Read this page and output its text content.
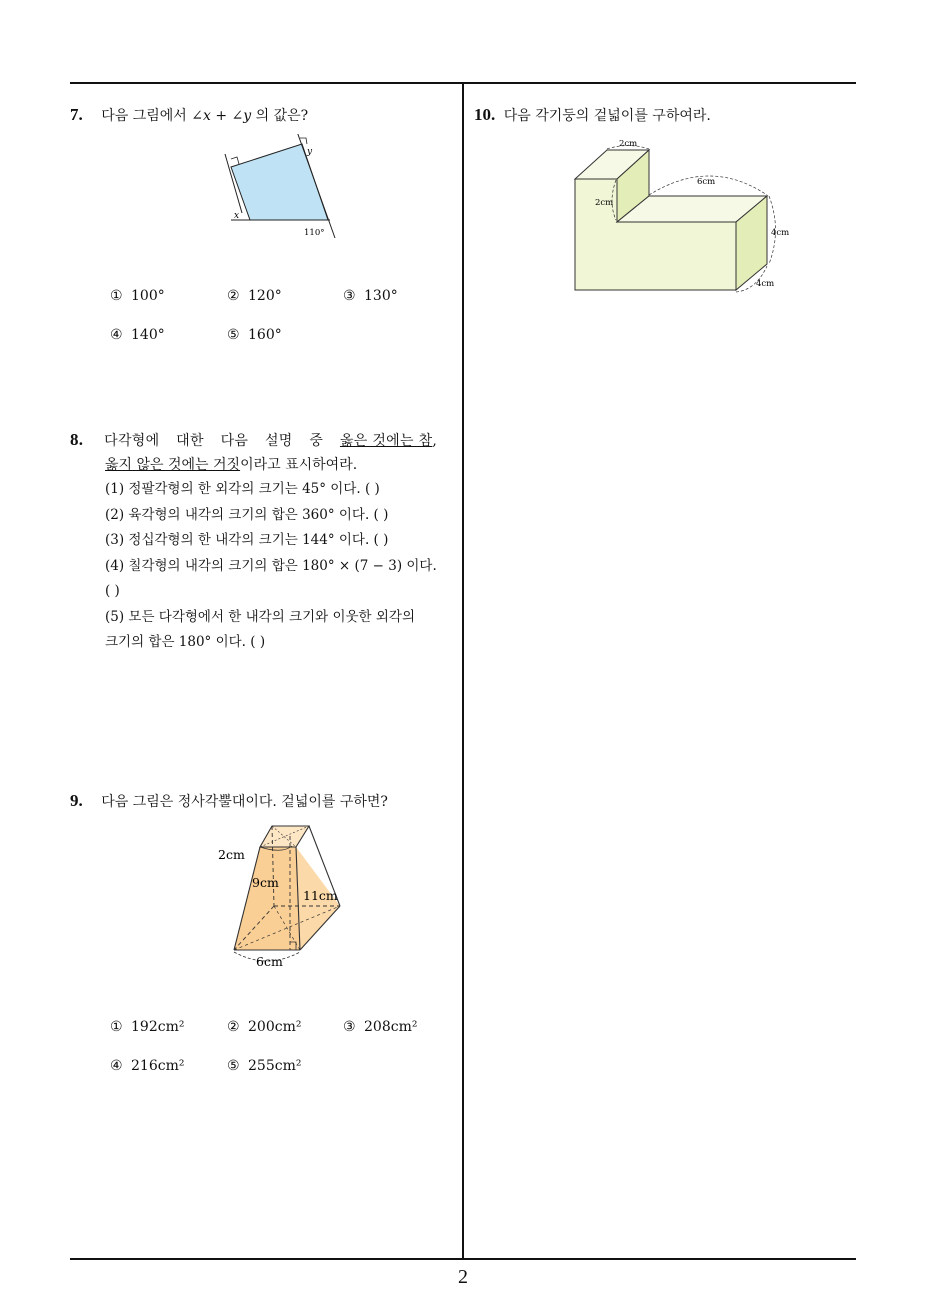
7. 다음 그림에서 ∠x + ∠y 의 값은?
y
x
110°
① 100°	② 120°	③ 130°
④ 140°	⑤ 160°
8. 다각형에 대한 다음 설명 중 옳은 것에는 참,
옳지 않은 것에는 거짓이라고 표시하여라.
(1) 정팔각형의 한 외각의 크기는 45° 이다. ( )
(2) 육각형의 내각의 크기의 합은 360° 이다. ( )
(3) 정십각형의 한 내각의 크기는 144° 이다. ( )
(4) 칠각형의 내각의 크기의 합은 180° × (7 − 3) 이다.
( )
(5) 모든 다각형에서 한 내각의 크기와 이웃한 외각의
크기의 합은 180° 이다. ( )
9. 다음 그림은 정사각뿔대이다. 겉넓이를 구하면?
2cm
9cm
11cm
6cm
① 192cm²	② 200cm²	③ 208cm²
④ 216cm²	⑤ 255cm²
10. 다음 각기둥의 겉넓이를 구하여라.
2cm
2cm
6cm
4cm
4cm
2
